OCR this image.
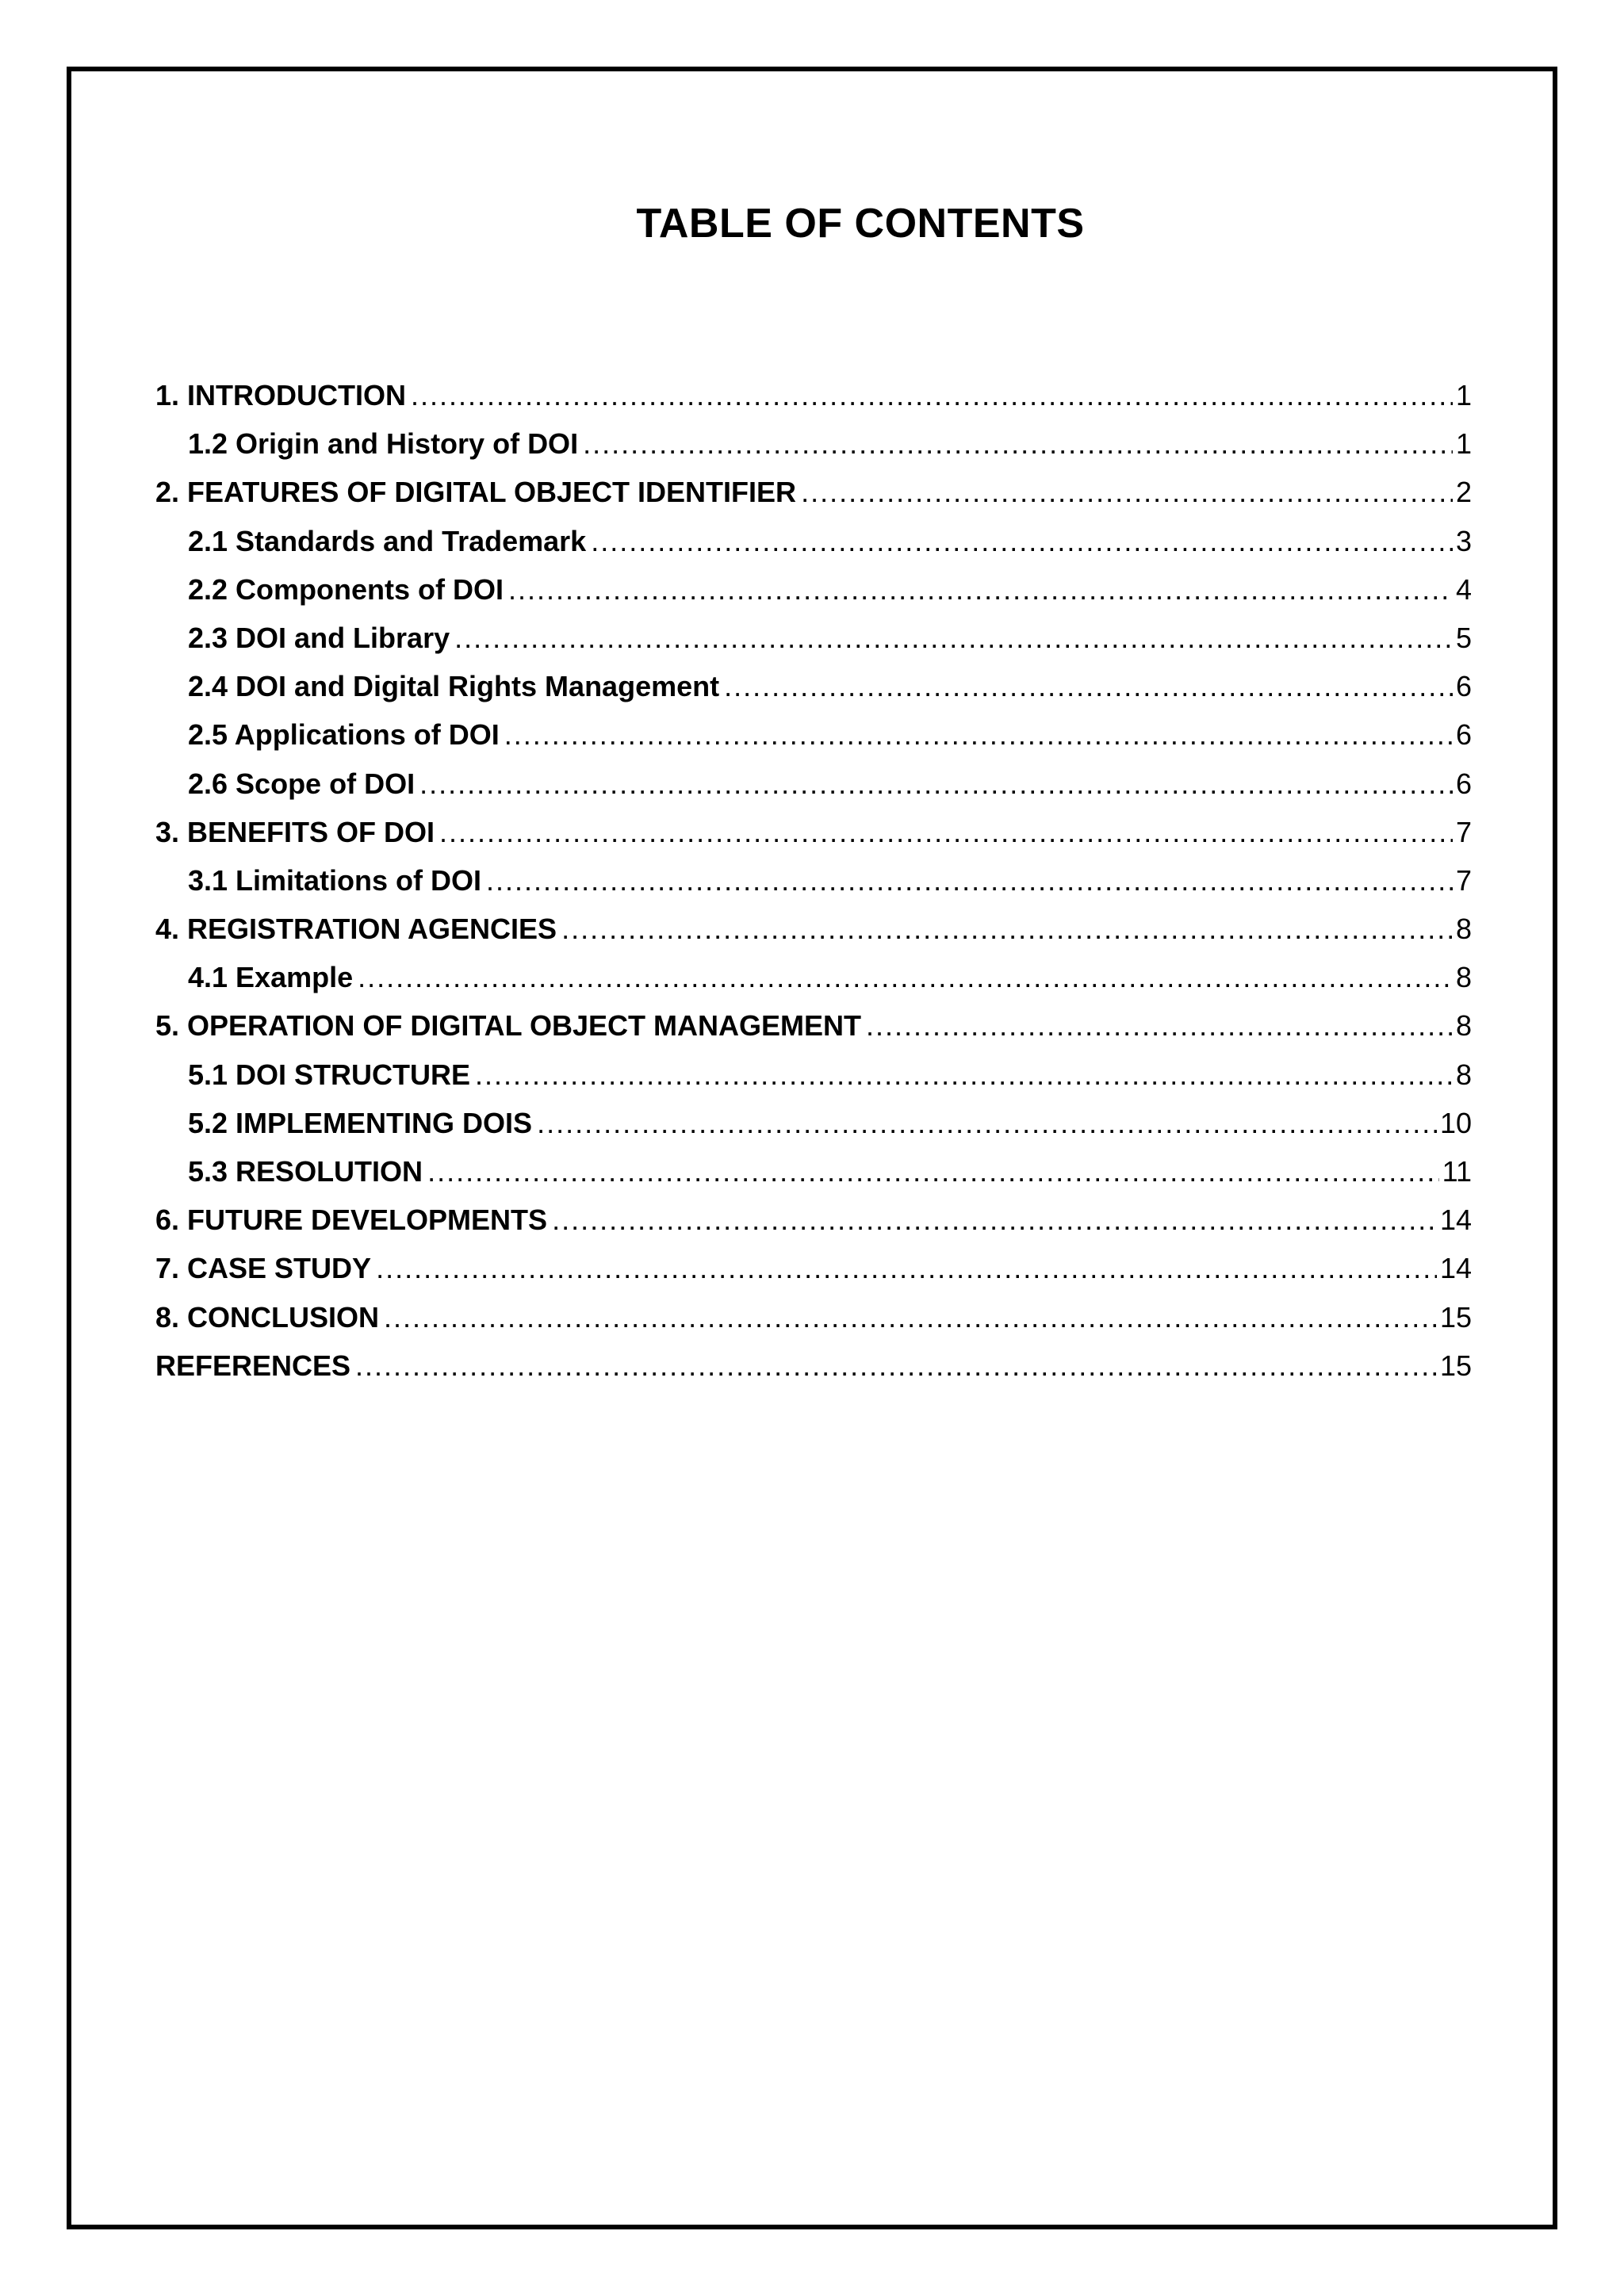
TABLE OF CONTENTS
1. INTRODUCTION .....	1
1.2 Origin and History of DOI .....	1
2. FEATURES OF DIGITAL OBJECT IDENTIFIER .....	2
2.1 Standards and Trademark .....	3
2.2 Components of DOI .....	4
2.3 DOI and Library .....	5
2.4 DOI and Digital Rights Management .....	6
2.5 Applications of DOI .....	6
2.6 Scope of DOI .....	6
3. BENEFITS OF DOI .....	7
3.1 Limitations of DOI .....	7
4. REGISTRATION AGENCIES .....	8
4.1 Example .....	8
5. OPERATION OF DIGITAL OBJECT MANAGEMENT .....	8
5.1 DOI STRUCTURE .....	8
5.2 IMPLEMENTING DOIS .....	10
5.3 RESOLUTION .....	11
6. FUTURE DEVELOPMENTS .....	14
7. CASE STUDY .....	14
8. CONCLUSION .....	15
REFERENCES .....	15
